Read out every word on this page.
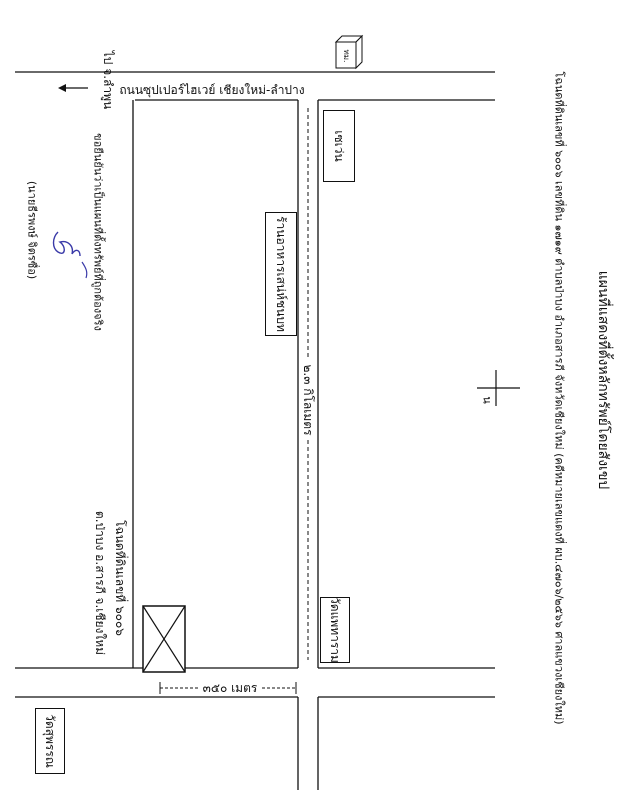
ทม.
แผนที่แสดงที่ตั้งหลักทรัพย์โดยสังเขป
โฉนดที่ดินเลขที่ ๖๐๐๖ เลขที่ดิน ๑๗๑๙ ตำบลป่าบง อำเภอสารภี จังหวัดเชียงใหม่ (คดีหมายเลขแดงที่ ผบ.๔๗๐๖/๒๕๖๖ ศาลแขวงเชียงใหม่)
น
ถนนซุปเปอร์ไฮเวย์ เชียงใหม่-ลำปาง
ไป จ.ลำพูน
เซเว่น
ร้านอาหารเสน่ห์ชนบท
วัดแพทาราม
วัดสุพรรณ
๒.๓ กิโลเมตร
๓๕๐ เมตร
โฉนดที่ดินเลขที่ ๖๐๐๖
ต.ป่าบง อ.สารภี จ.เชียงใหม่
ขอยืนยันว่าเป็นแผนที่ตั้งทรัพย์ที่ถูกต้องจริง
(นายธีรพงษ์ จิตรซื่อ)
